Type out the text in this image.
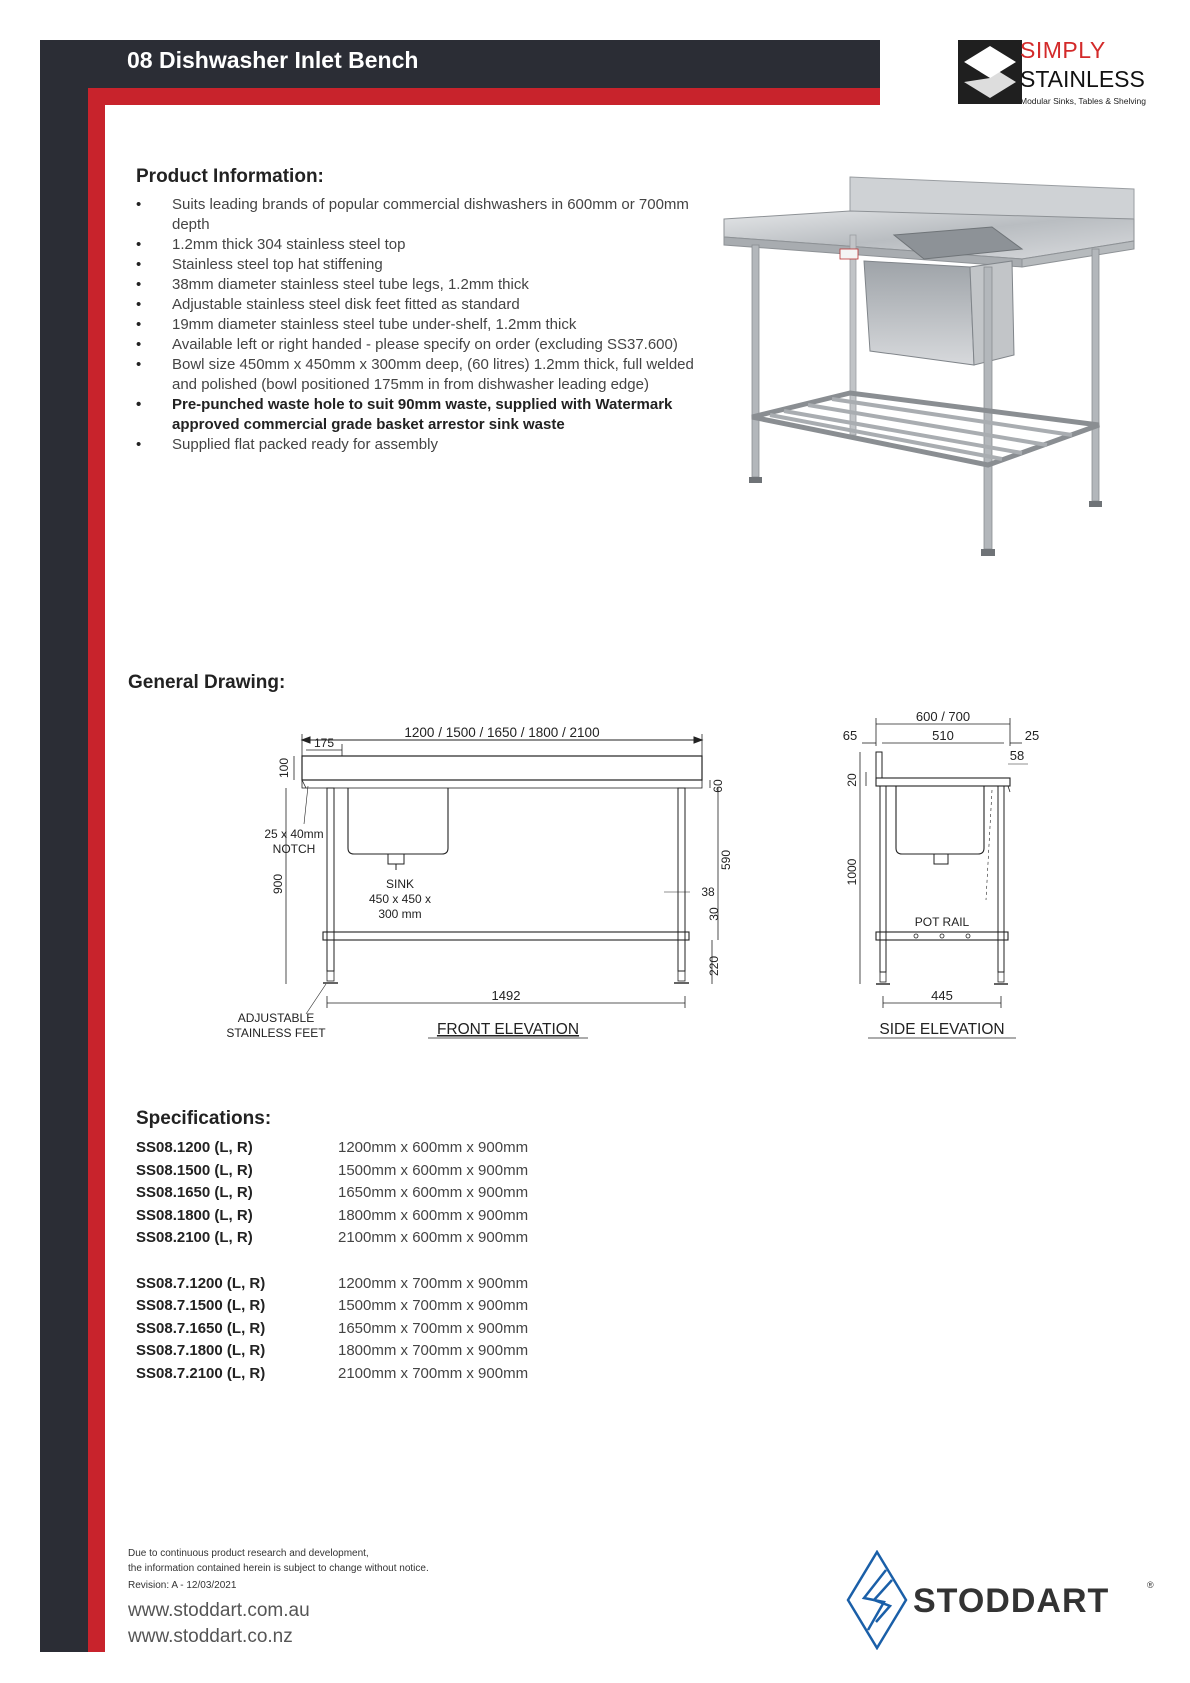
08 Dishwasher Inlet Bench	SIMPLY
STAINLESS
Modular Sinks, Tables & Shelving
Product Information:
• Suits leading brands of popular commercial dishwashers in 600mm or 700mm depth
• 1.2mm thick 304 stainless steel top
• Stainless steel top hat stiffening
• 38mm diameter stainless steel tube legs, 1.2mm thick
• Adjustable stainless steel disk feet fitted as standard
• 19mm diameter stainless steel tube under-shelf, 1.2mm thick
• Available left or right handed - please specify on order (excluding SS37.600)
• Bowl size 450mm x 450mm x 300mm deep, (60 litres) 1.2mm thick, full welded and polished (bowl positioned 175mm in from dishwasher leading edge)
• Pre-punched waste hole to suit 90mm waste, supplied with Watermark approved commercial grade basket arrestor sink waste
• Supplied flat packed ready for assembly
General Drawing:
1200 / 1500 / 1650 / 1800 / 2100
175
100
60
900
25 x 40mm
NOTCH
SINK
450 x 450 x
300 mm
590
38
30
220
1492
ADJUSTABLE
STAINLESS FEET	FRONT ELEVATION
600 / 700
510
65	25
58
20
1000
POT RAIL
445
SIDE ELEVATION
Specifications:
SS08.1200 (L, R)	1200mm x 600mm x 900mm
SS08.1500 (L, R)	1500mm x 600mm x 900mm
SS08.1650 (L, R)	1650mm x 600mm x 900mm
SS08.1800 (L, R)	1800mm x 600mm x 900mm
SS08.2100 (L, R)	2100mm x 600mm x 900mm

SS08.7.1200 (L, R)	1200mm x 700mm x 900mm
SS08.7.1500 (L, R)	1500mm x 700mm x 900mm
SS08.7.1650 (L, R)	1650mm x 700mm x 900mm
SS08.7.1800 (L, R)	1800mm x 700mm x 900mm
SS08.7.2100 (L, R)	2100mm x 700mm x 900mm
Due to continuous product research and development,
the information contained herein is subject to change without notice.
Revision: A - 12/03/2021
www.stoddart.com.au
www.stoddart.co.nz
STODDART	®
